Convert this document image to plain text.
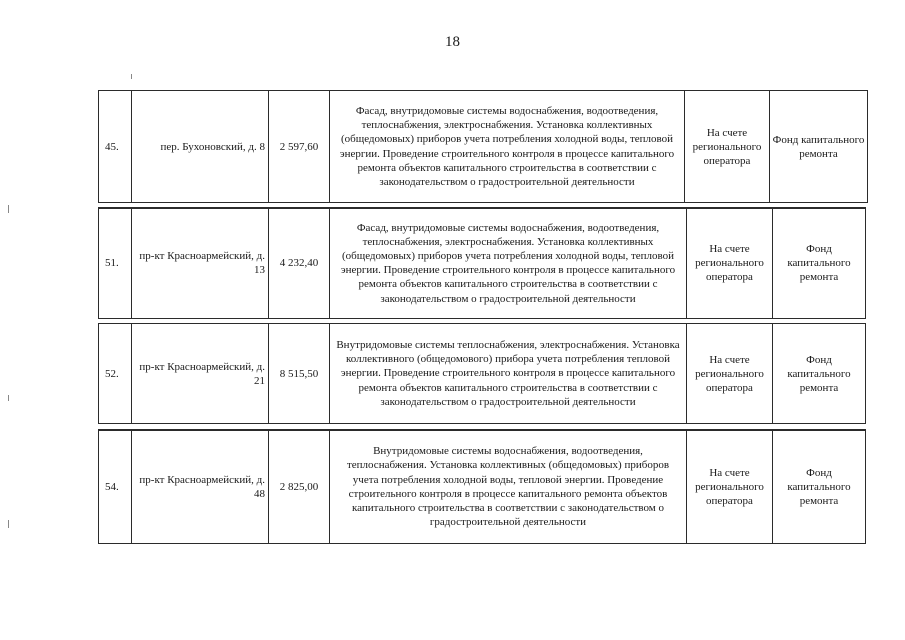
18
45.	пер. Бухоновский, д. 8	2 597,60	Фасад, внутридомовые системы водоснабжения, водоотведения, теплоснабжения, электроснабжения. Установка коллективных (общедомовых) приборов учета потребления холодной воды, тепловой энергии. Проведение строительного контроля в процессе капитального ремонта объектов капитального строительства в соответствии с законодательством о градостроительной деятельности	На счете регионального оператора	Фонд капитального ремонта
51.	пр-кт Красноармейский, д. 13	4 232,40	Фасад, внутридомовые системы водоснабжения, водоотведения, теплоснабжения, электроснабжения. Установка коллективных (общедомовых) приборов учета потребления холодной воды, тепловой энергии. Проведение строительного контроля в процессе капитального ремонта объектов капитального строительства в соответствии с законодательством о градостроительной деятельности	На счете регионального оператора	Фонд капитального ремонта
52.	пр-кт Красноармейский, д. 21	8 515,50	Внутридомовые системы теплоснабжения, электроснабжения. Установка коллективного (общедомового) прибора учета потребления тепловой энергии. Проведение строительного контроля в процессе капитального ремонта объектов капитального строительства в соответствии с законодательством о градостроительной деятельности	На счете регионального оператора	Фонд капитального ремонта
54.	пр-кт Красноармейский, д. 48	2 825,00	Внутридомовые системы водоснабжения, водоотведения, теплоснабжения. Установка коллективных (общедомовых) приборов учета потребления холодной воды, тепловой энергии. Проведение строительного контроля в процессе капитального ремонта объектов капитального строительства в соответствии с законодательством о градостроительной деятельности	На счете регионального оператора	Фонд капитального ремонта
